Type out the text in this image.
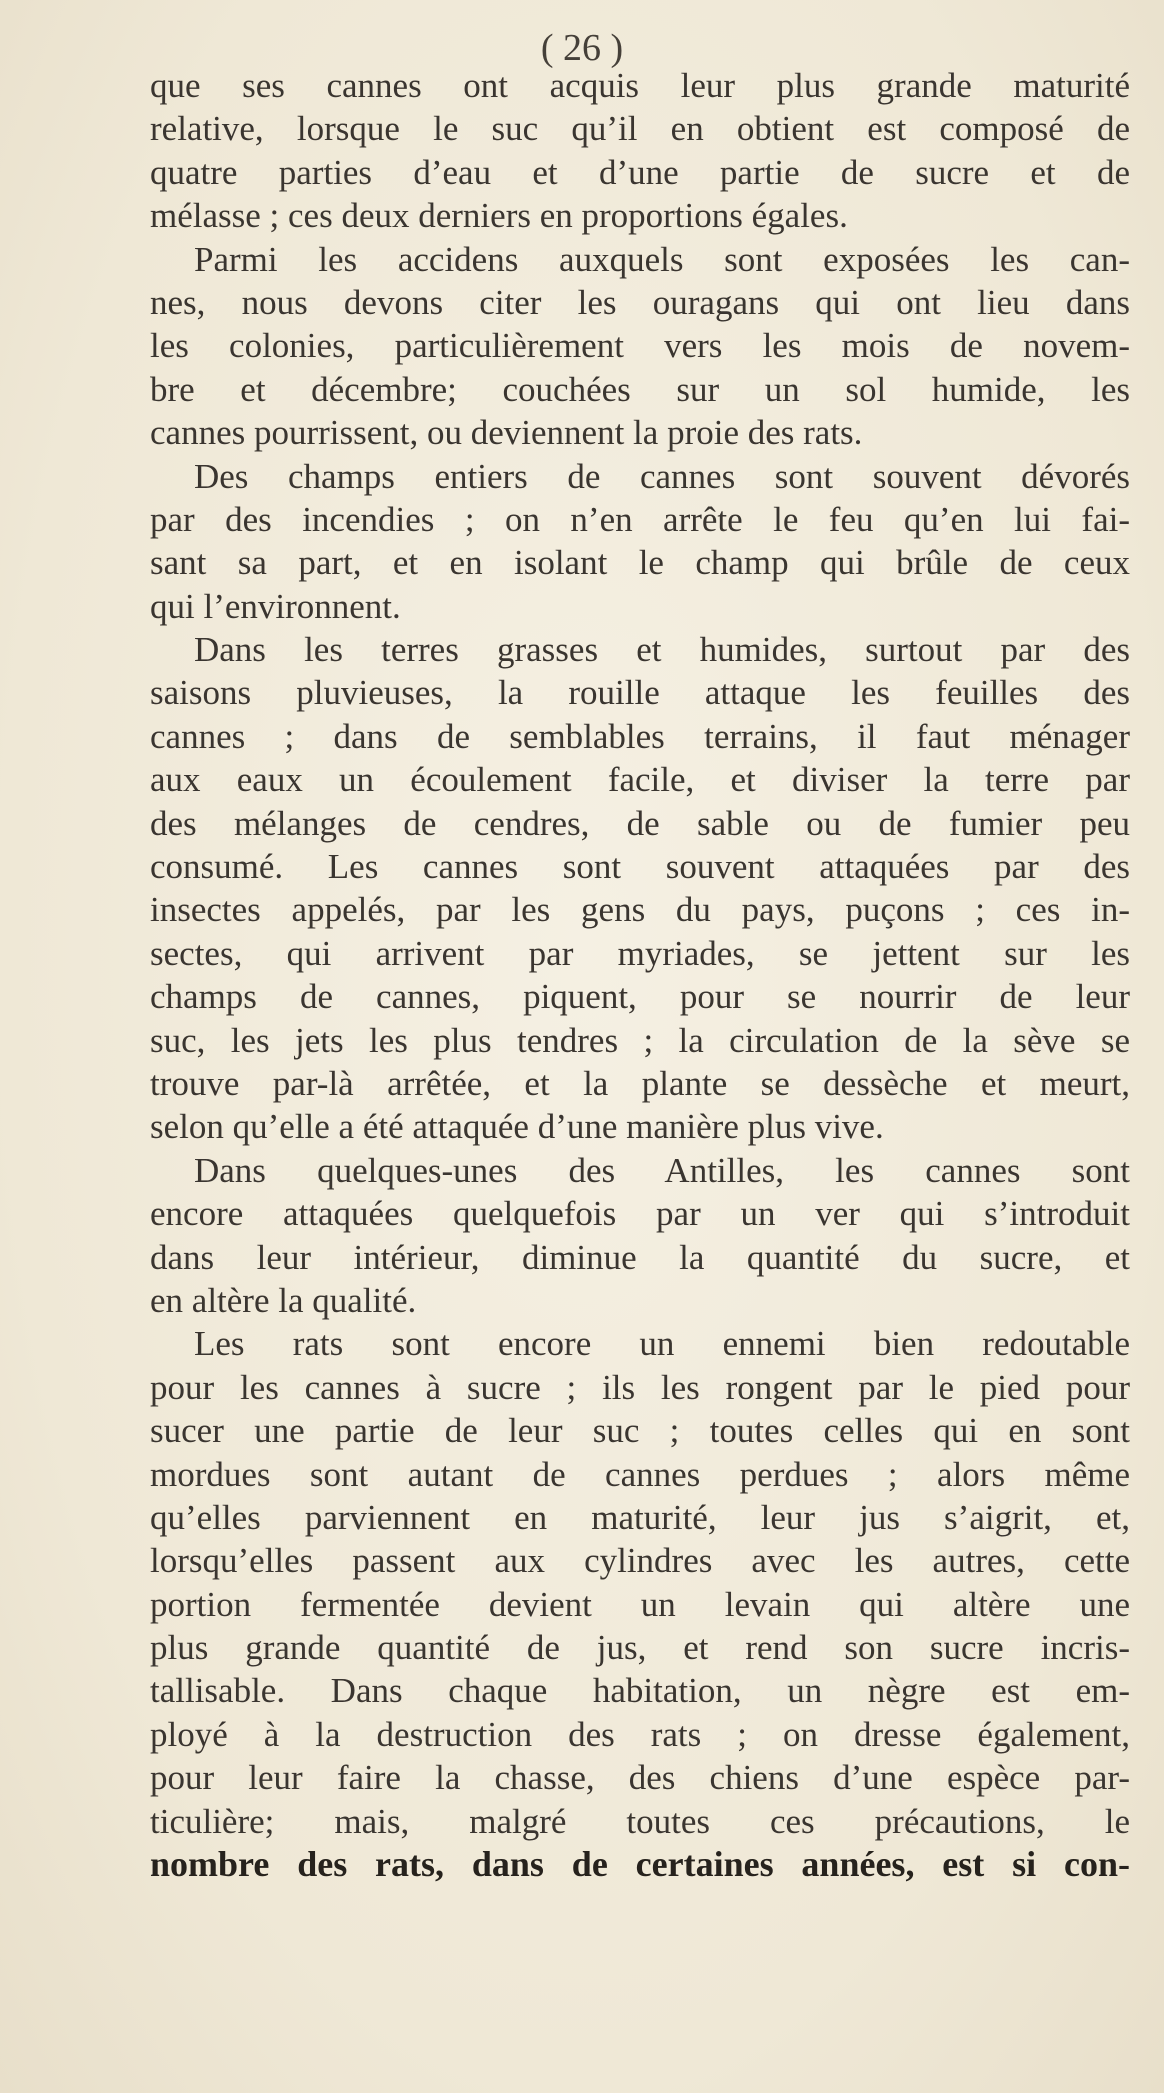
( 26 )
que ses cannes ont acquis leur plus grande maturité
relative, lorsque le suc qu’il en obtient est composé de
quatre parties d’eau et d’une partie de sucre et de
mélasse ; ces deux derniers en proportions égales.
Parmi les accidens auxquels sont exposées les can-
nes, nous devons citer les ouragans qui ont lieu dans
les colonies, particulièrement vers les mois de novem-
bre et décembre; couchées sur un sol humide, les
cannes pourrissent, ou deviennent la proie des rats.
Des champs entiers de cannes sont souvent dévorés
par des incendies ; on n’en arrête le feu qu’en lui fai-
sant sa part, et en isolant le champ qui brûle de ceux
qui l’environnent.
Dans les terres grasses et humides, surtout par des
saisons pluvieuses, la rouille attaque les feuilles des
cannes ; dans de semblables terrains, il faut ménager
aux eaux un écoulement facile, et diviser la terre par
des mélanges de cendres, de sable ou de fumier peu
consumé. Les cannes sont souvent attaquées par des
insectes appelés, par les gens du pays, puçons ; ces in-
sectes, qui arrivent par myriades, se jettent sur les
champs de cannes, piquent, pour se nourrir de leur
suc, les jets les plus tendres ; la circulation de la sève se
trouve par-là arrêtée, et la plante se dessèche et meurt,
selon qu’elle a été attaquée d’une manière plus vive.
Dans quelques-unes des Antilles, les cannes sont
encore attaquées quelquefois par un ver qui s’introduit
dans leur intérieur, diminue la quantité du sucre, et
en altère la qualité.
Les rats sont encore un ennemi bien redoutable
pour les cannes à sucre ; ils les rongent par le pied pour
sucer une partie de leur suc ; toutes celles qui en sont
mordues sont autant de cannes perdues ; alors même
qu’elles parviennent en maturité, leur jus s’aigrit, et,
lorsqu’elles passent aux cylindres avec les autres, cette
portion fermentée devient un levain qui altère une
plus grande quantité de jus, et rend son sucre incris-
tallisable. Dans chaque habitation, un nègre est em-
ployé à la destruction des rats ; on dresse également,
pour leur faire la chasse, des chiens d’une espèce par-
ticulière; mais, malgré toutes ces précautions, le
nombre des rats, dans de certaines années, est si con-
